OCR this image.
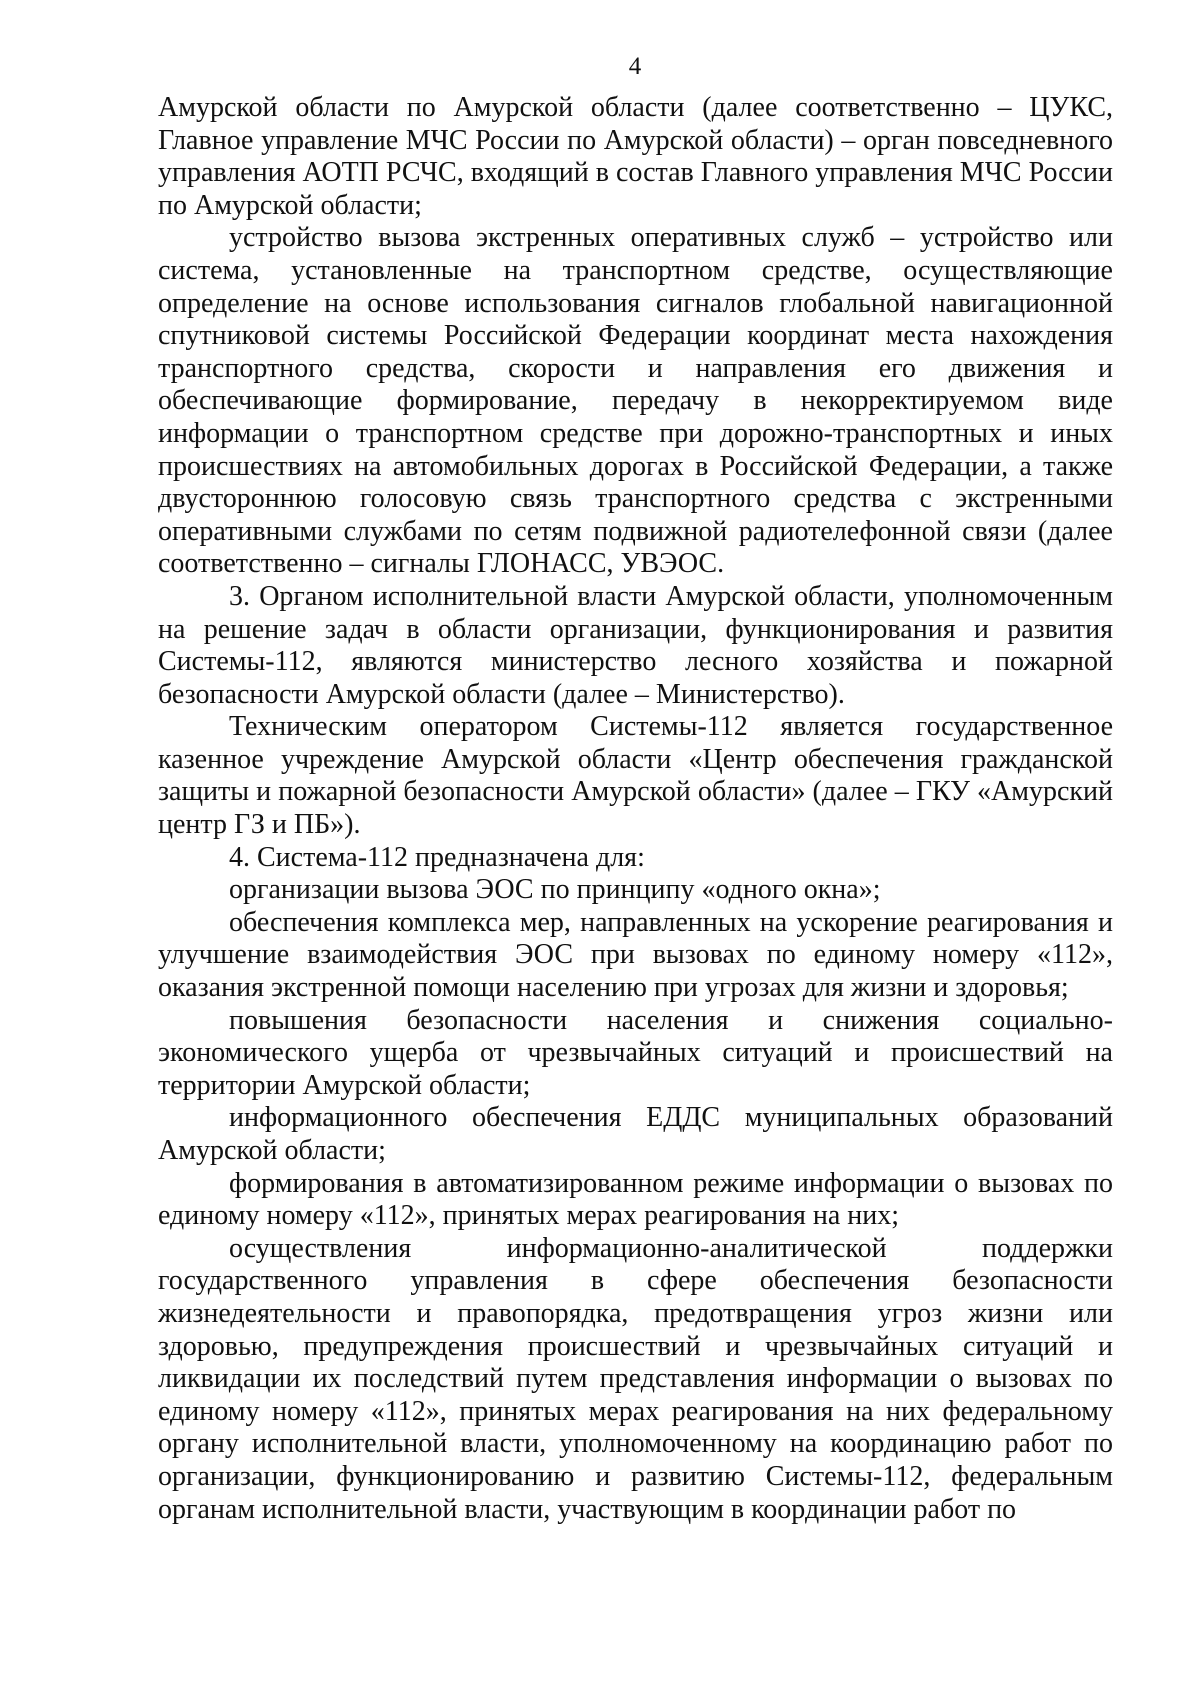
4

Амурской области по Амурской области (далее соответственно – ЦУКС, Главное управление МЧС России по Амурской области) – орган повседневного управления АОТП РСЧС, входящий в состав Главного управления МЧС России по Амурской области;

устройство вызова экстренных оперативных служб – устройство или система, установленные на транспортном средстве, осуществляющие определение на основе использования сигналов глобальной навигационной спутниковой системы Российской Федерации координат места нахождения транспортного средства, скорости и направления его движения и обеспечивающие формирование, передачу в некорректируемом виде информации о транспортном средстве при дорожно-транспортных и иных происшествиях на автомобильных дорогах в Российской Федерации, а также двустороннюю голосовую связь транспортного средства с экстренными оперативными службами по сетям подвижной радиотелефонной связи (далее соответственно – сигналы ГЛОНАСС, УВЭОС.

3. Органом исполнительной власти Амурской области, уполномоченным на решение задач в области организации, функционирования и развития Системы-112, являются министерство лесного хозяйства и пожарной безопасности Амурской области (далее – Министерство).

Техническим оператором Системы-112 является государственное казенное учреждение Амурской области «Центр обеспечения гражданской защиты и пожарной безопасности Амурской области» (далее – ГКУ «Амурский центр ГЗ и ПБ»).

4. Система-112 предназначена для:

организации вызова ЭОС по принципу «одного окна»;

обеспечения комплекса мер, направленных на ускорение реагирования и улучшение взаимодействия ЭОС при вызовах по единому номеру «112», оказания экстренной помощи населению при угрозах для жизни и здоровья;

повышения безопасности населения и снижения социально-экономического ущерба от чрезвычайных ситуаций и происшествий на территории Амурской области;

информационного обеспечения ЕДДС муниципальных образований Амурской области;

формирования в автоматизированном режиме информации о вызовах по единому номеру «112», принятых мерах реагирования на них;

осуществления информационно-аналитической поддержки государственного управления в сфере обеспечения безопасности жизнедеятельности и правопорядка, предотвращения угроз жизни или здоровью, предупреждения происшествий и чрезвычайных ситуаций и ликвидации их последствий путем представления информации о вызовах по единому номеру «112», принятых мерах реагирования на них федеральному органу исполнительной власти, уполномоченному на координацию работ по организации, функционированию и развитию Системы-112, федеральным органам исполнительной власти, участвующим в координации работ по
